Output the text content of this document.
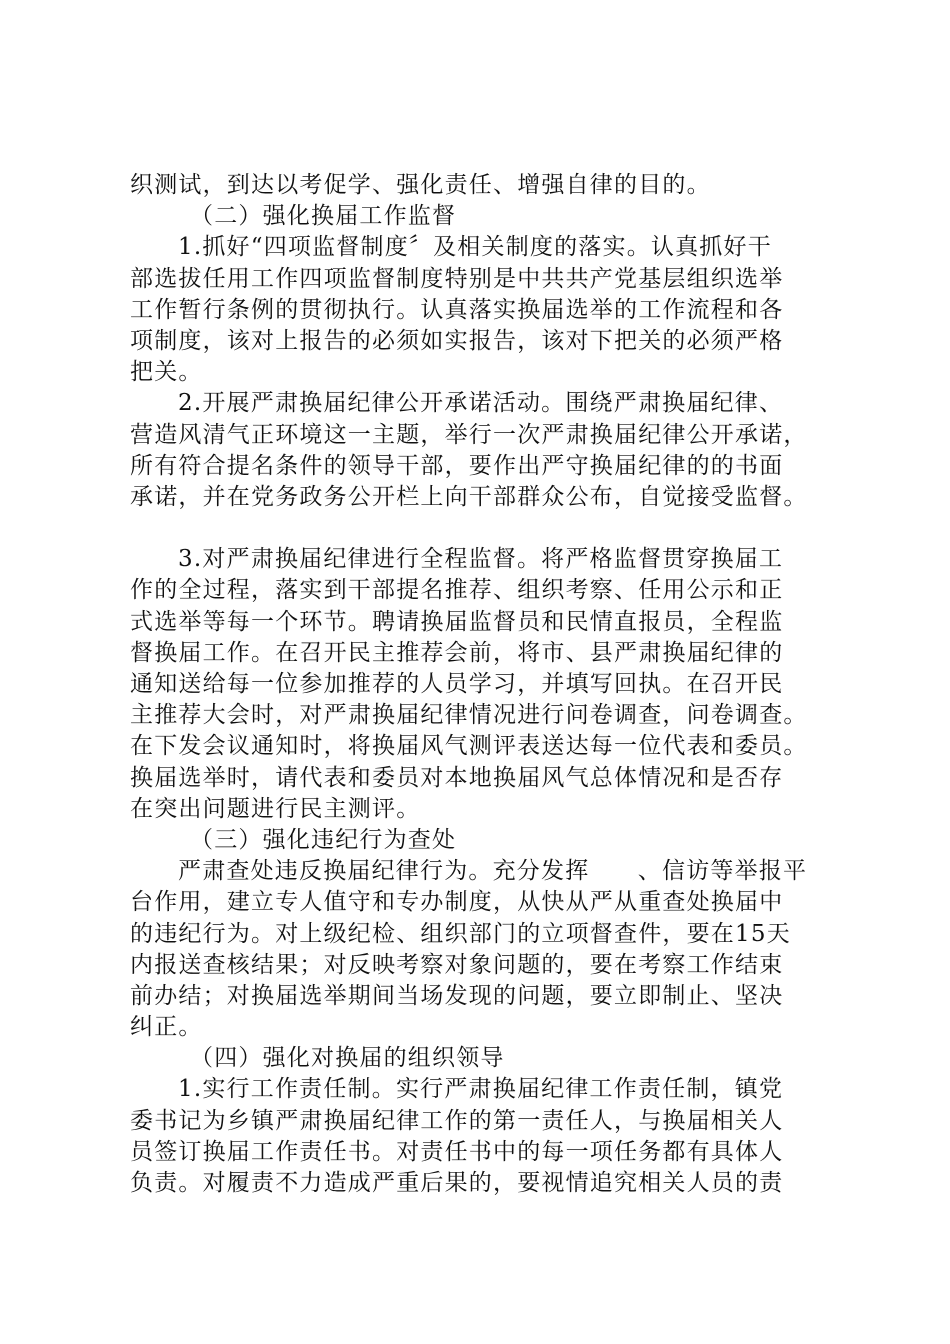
织测试，到达以考促学、强化责任、增强自律的目的。
（二）强化换届工作监督
1.抓好“四项监督制度〞及相关制度的落实。认真抓好干
部选拔任用工作四项监督制度特别是中共共产党基层组织选举
工作暂行条例的贯彻执行。认真落实换届选举的工作流程和各
项制度，该对上报告的必须如实报告，该对下把关的必须严格
把关。
2.开展严肃换届纪律公开承诺活动。围绕严肃换届纪律、
营造风清气正环境这一主题，举行一次严肃换届纪律公开承诺，
所有符合提名条件的领导干部，要作出严守换届纪律的的书面
承诺，并在党务政务公开栏上向干部群众公布，自觉接受监督。
3.对严肃换届纪律进行全程监督。将严格监督贯穿换届工
作的全过程，落实到干部提名推荐、组织考察、任用公示和正
式选举等每一个环节。聘请换届监督员和民情直报员，全程监
督换届工作。在召开民主推荐会前，将市、县严肃换届纪律的
通知送给每一位参加推荐的人员学习，并填写回执。在召开民
主推荐大会时，对严肃换届纪律情况进行问卷调查，问卷调查。
在下发会议通知时，将换届风气测评表送达每一位代表和委员。
换届选举时，请代表和委员对本地换届风气总体情况和是否存
在突出问题进行民主测评。
（三）强化违纪行为查处
严肃查处违反换届纪律行为。充分发挥　　、信访等举报平
台作用，建立专人值守和专办制度，从快从严从重查处换届中
的违纪行为。对上级纪检、组织部门的立项督查件，要在15天
内报送查核结果；对反映考察对象问题的，要在考察工作结束
前办结；对换届选举期间当场发现的问题，要立即制止、坚决
纠正。
（四）强化对换届的组织领导
1.实行工作责任制。实行严肃换届纪律工作责任制，镇党
委书记为乡镇严肃换届纪律工作的第一责任人，与换届相关人
员签订换届工作责任书。对责任书中的每一项任务都有具体人
负责。对履责不力造成严重后果的，要视情追究相关人员的责
